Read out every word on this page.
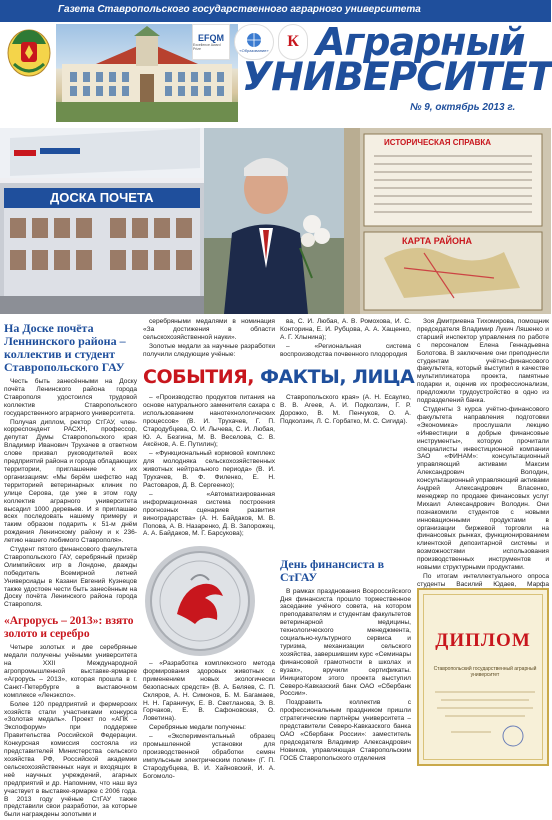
Газета Ставропольского государственного аграрного университета
EFQM
Excellence Award Prize	«Образование» К Аграрный
УНИВЕРСИТЕТ
№ 9, октябрь 2013 г.
ДОСКА ПОЧЕТА
ИСТОРИЧЕСКАЯ СПРАВКА
КАРТА РАЙОНА
На Доске почёта Леннинского района – коллектив и студент Ставропольского ГАУ

Честь быть занесёнными на Доску почёта Ленинского района города Ставрополя удостоился трудовой коллектив Ставропольского государственного аграрного университета.

Получая диплом, ректор СтГАУ, член-корреспондент РАСХН, профессор, депутат Думы Ставропольского края Владимир Иванович Трухачев в ответном слове призвал руководителей всех предприятий района и города обладающих территории, приглашение к их организациям: «Мы берём шефство над территорией ветеринарных клиник по улице Серова, где уже в этом году коллектив аграрного университета высадил 1000 деревьев. И я приглашаю всех последовать нашему примеру и таким образом подарить к 51-м днём рождения Ленинскому району и к 236-летию нашего любимого Ставрополя».

Студент пятого финансового факультета Ставропольского ГАУ, серебряный призёр Олимпийских игр в Лондоне, дважды победитель Всемирной летней Универсиады в Казани Евгений Кузнецов также удостоен чести быть занесённым на Доску почёта Ленинского района города Ставрополя.

«Агрорусь – 2013»: взято золото и серебро

Четыре золотых и две серебряные медали получены учёными университета на XXII Международной агропромышленной выставке-ярмарке «Агрорусь – 2013», которая прошла в г. Санкт-Петербурге в выставочном комплексе «Ленэкспо».

Более 120 предприятий и фермерских хозяйств стали участниками конкурса «Золотая медаль». Проект по «АПК – Экспофорум» при поддержке Правительства Российской Федерации. Конкурсная комиссия состояла из представителей Министерства сельского хозяйства РФ, Российской академии сельскохозяйственных наук и входящих в неё научных учреждений, агарных предприятий и др. Напомним, что наш вуз участвует в выставке-ярмарке с 2006 года. В 2013 году учёные СтГАУ также представили свои разработки, за которые были награждены золотыми и

серебряными медалями в номинация «За достижения в области сельскохозяйственной науки».

Золотые медали за научные разработки получили следующие учёные:

– «Производство продуктов питания на основе натурального заменителя сахара с использованием нанотехнологических процессов» (В. И. Трухачев, Г. П. Стародубцева, О. И. Лычева, С. И. Любая, Ю. А. Безгина, М. В. Веселова, С. В. Аксёнов, А. Е. Путилин);

– «Функциональный кормовой комплекс для молодняка сельскохозяйственных животных нейтрального периода» (В. И. Трухачев, В. Ф. Филенко, Е. Н. Растоваров, Д. В. Сергеенко);

– «Автоматизированная информационная система построения прогнозных сценариев развития виноградарства» (А. Н. Байдаков, М. В. Попова, А. В. Назаренко, Д. В. Запорожец, А. А. Байдаков, М. Г. Барсукова);

– «Разработка комплексного метода формирования здоровых животных с применением новых экологически безопасных средств» (В. А. Беляев, С. П. Скляров, А. Н. Симонов, Б. М. Багамаев, Н. Н. Гараничук, Е. В. Светланова, Э. В. Горчаков, Е. В. Сафоновская, О. Ловетина).

Серебряные медали получены:

– «Экспериментальный образец промышленной установки для производственной обработки семян импульсным электрическим полем» (Г. П. Стародубцева, В. И. Хайновский, И. А. Богомоло-

ва, С. И. Любая, А. В. Ромохова, И. С. Конторина, Е. И. Рубцова, А. А. Хащенко, А. Г. Хлынина);

– «Региональная система воспроизводства почвенного плодородия

Ставропольского края» (А. Н. Есаулко, В. В. Агеев, А. И. Подколзин, Г. Р. Дорожко, В. М. Пенчуков, О. А. Подколзин, Л. С. Горбатко, М. С. Сигида).

День финансиста в СтГАУ

В рамках празднования Всероссийского Дня финансиста прошло торжественное заседание учёного совета, на котором преподавателям и студентам факультетов ветеринарной медицины, технологического менеджмента, социально-культурного сервиса и туризма, механизации сельского хозяйства, завершившим курс «Семинары финансовой грамотности в школах и вузах», вручили сертификаты. Инициатором этого проекта выступил Северо-Кавказский банк ОАО «Сбербанк России».

Поздравить коллектив с профессиональным праздником пришли стратегические партнёры университета – представители Северо-Кавказского банка ОАО «Сбербанк России»: заместитель председателя Владимир Александрович Новиков, управляющая Ставропольским ГОСБ Ставропольского отделения

Зоя Дмитриевна Тихомирова, помощник председателя Владимир Лукич Ляшенко и старший инспектор управления по работе с персоналом Елена Геннадьевна Болотова. В заключение они преподнесли студентам учётно-финансового факультета, который выступил в качестве мультипликатора проекта, памятные подарки и, оценив их профессионализм, предложили трудоустройство в одно из подразделений банка.

Студенты 3 курса учётно-финансового факультета направления подготовки «Экономика» прослушали лекцию «Инвестиции в добрые финансовые инструменты», которую прочитали специалисты инвестиционной компании ЗАО «ФИНАМ»: консультационный управляющий активами Максим Александрович Володин, консультационный управляющий активами Андрей Александрович Власенко, менеджер по продаже финансовых услуг Михаил Александрович Володин. Они познакомили студентов с новыми инновационными продуктами в организации биржевой торговли на финансовых рынках, функционированием клиентской депозитарной системы и возможностями использования производственных инструментов и новыми структурными продуктами.

По итогам интеллектуального опроса студенты Василий Юдаев, Марфа

СОБЫТИЯ, ФАКТЫ, ЛИЦА
ДИПЛОМ
Ставропольский государственный аграрный университет
